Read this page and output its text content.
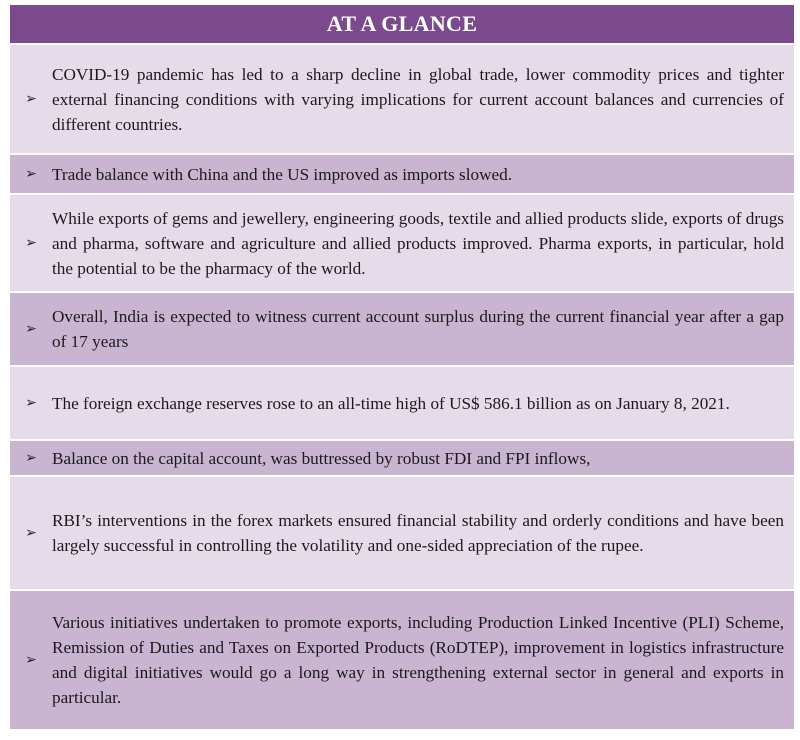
AT A GLANCE
➢
COVID-19 pandemic has led to a sharp decline in global trade, lower commodity prices and tighter external financing conditions with varying implications for current account balances and currencies of different countries.
➢ Trade balance with China and the US improved as imports slowed.
➢
While exports of gems and jewellery, engineering goods, textile and allied products slide, exports of drugs and pharma, software and agriculture and allied products improved. Pharma exports, in particular, hold the potential to be the pharmacy of the world.
➢
Overall, India is expected to witness current account surplus during the current financial year after a gap of 17 years
➢ The foreign exchange reserves rose to an all-time high of US$ 586.1 billion as on January 8, 2021.
➢ Balance on the capital account, was buttressed by robust FDI and FPI inflows,
➢
RBI’s interventions in the forex markets ensured financial stability and orderly conditions and have been largely successful in controlling the volatility and one-sided appreciation of the rupee.
➢
Various initiatives undertaken to promote exports, including Production Linked Incentive (PLI) Scheme, Remission of Duties and Taxes on Exported Products (RoDTEP), improvement in logistics infrastructure and digital initiatives would go a long way in strengthening external sector in general and exports in particular.
